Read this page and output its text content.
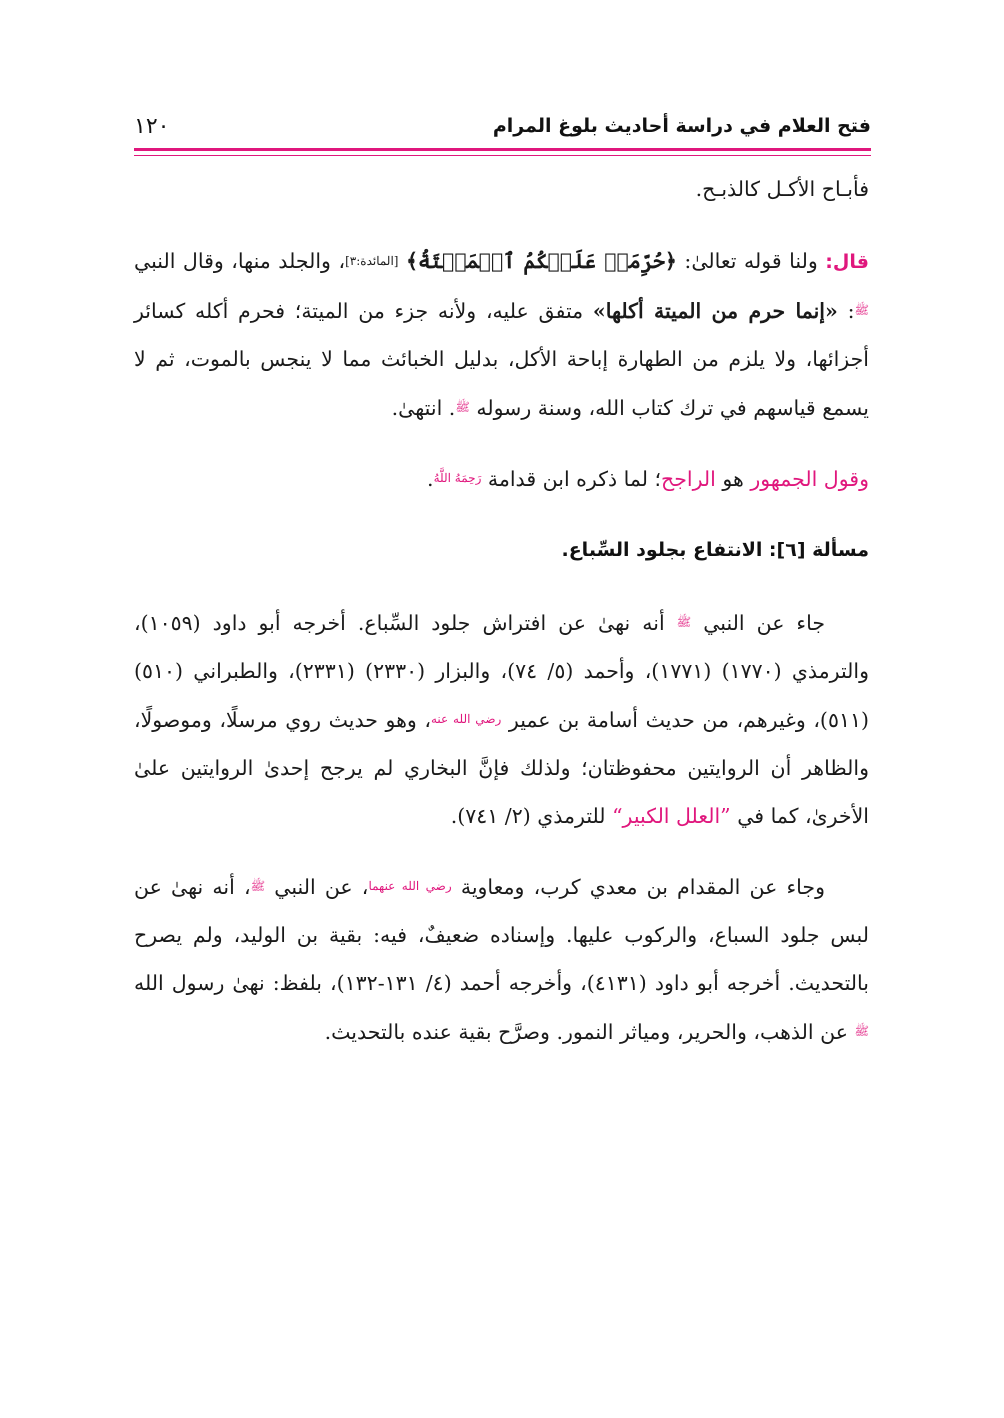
فتح العلام في دراسة أحاديث بلوغ المرام
١٢٠

فأبـاح الأكـل كالذبـح.

قال: ولنا قوله تعالىٰ: ﴿حُرِّمَتۡ عَلَيۡكُمُ ٱلۡمَيۡتَةُ﴾ [المائدة:٣]، والجلد منها، وقال النبي ﷺ: «إنما حرم من الميتة أكلها» متفق عليه، ولأنه جزء من الميتة؛ فحرم أكله كسائر أجزائها، ولا يلزم من الطهارة إباحة الأكل، بدليل الخبائث مما لا ينجس بالموت، ثم لا يسمع قياسهم في ترك كتاب الله، وسنة رسوله ﷺ. انتهىٰ.

وقول الجمهور هو الراجح؛ لما ذكره ابن قدامة رَحِمَهُ اللَّهُ.

مسألة [٦]: الانتفاع بجلود السِّباع.

جاء عن النبي ﷺ أنه نهىٰ عن افتراش جلود السِّباع. أخرجه أبو داود (١٠٥٩)، والترمذي (١٧٧٠) (١٧٧١)، وأحمد (٥/ ٧٤)، والبزار (٢٣٣٠) (٢٣٣١)، والطبراني (٥١٠) (٥١١)، وغيرهم، من حديث أسامة بن عمير رضي الله عنه، وهو حديث روي مرسلًا، وموصولًا، والظاهر أن الروايتين محفوظتان؛ ولذلك فإنَّ البخاري لم يرجح إحدىٰ الروايتين علىٰ الأخرىٰ، كما في ”العلل الكبير“ للترمذي (٢/ ٧٤١).

وجاء عن المقدام بن معدي كرب، ومعاوية رضي الله عنهما، عن النبي ﷺ، أنه نهىٰ عن لبس جلود السباع، والركوب عليها. وإسناده ضعيفٌ، فيه: بقية بن الوليد، ولم يصرح بالتحديث. أخرجه أبو داود (٤١٣١)، وأخرجه أحمد (٤/ ١٣١-١٣٢)، بلفظ: نهىٰ رسول الله ﷺ عن الذهب، والحرير، ومياثر النمور. وصرَّح بقية عنده بالتحديث.
